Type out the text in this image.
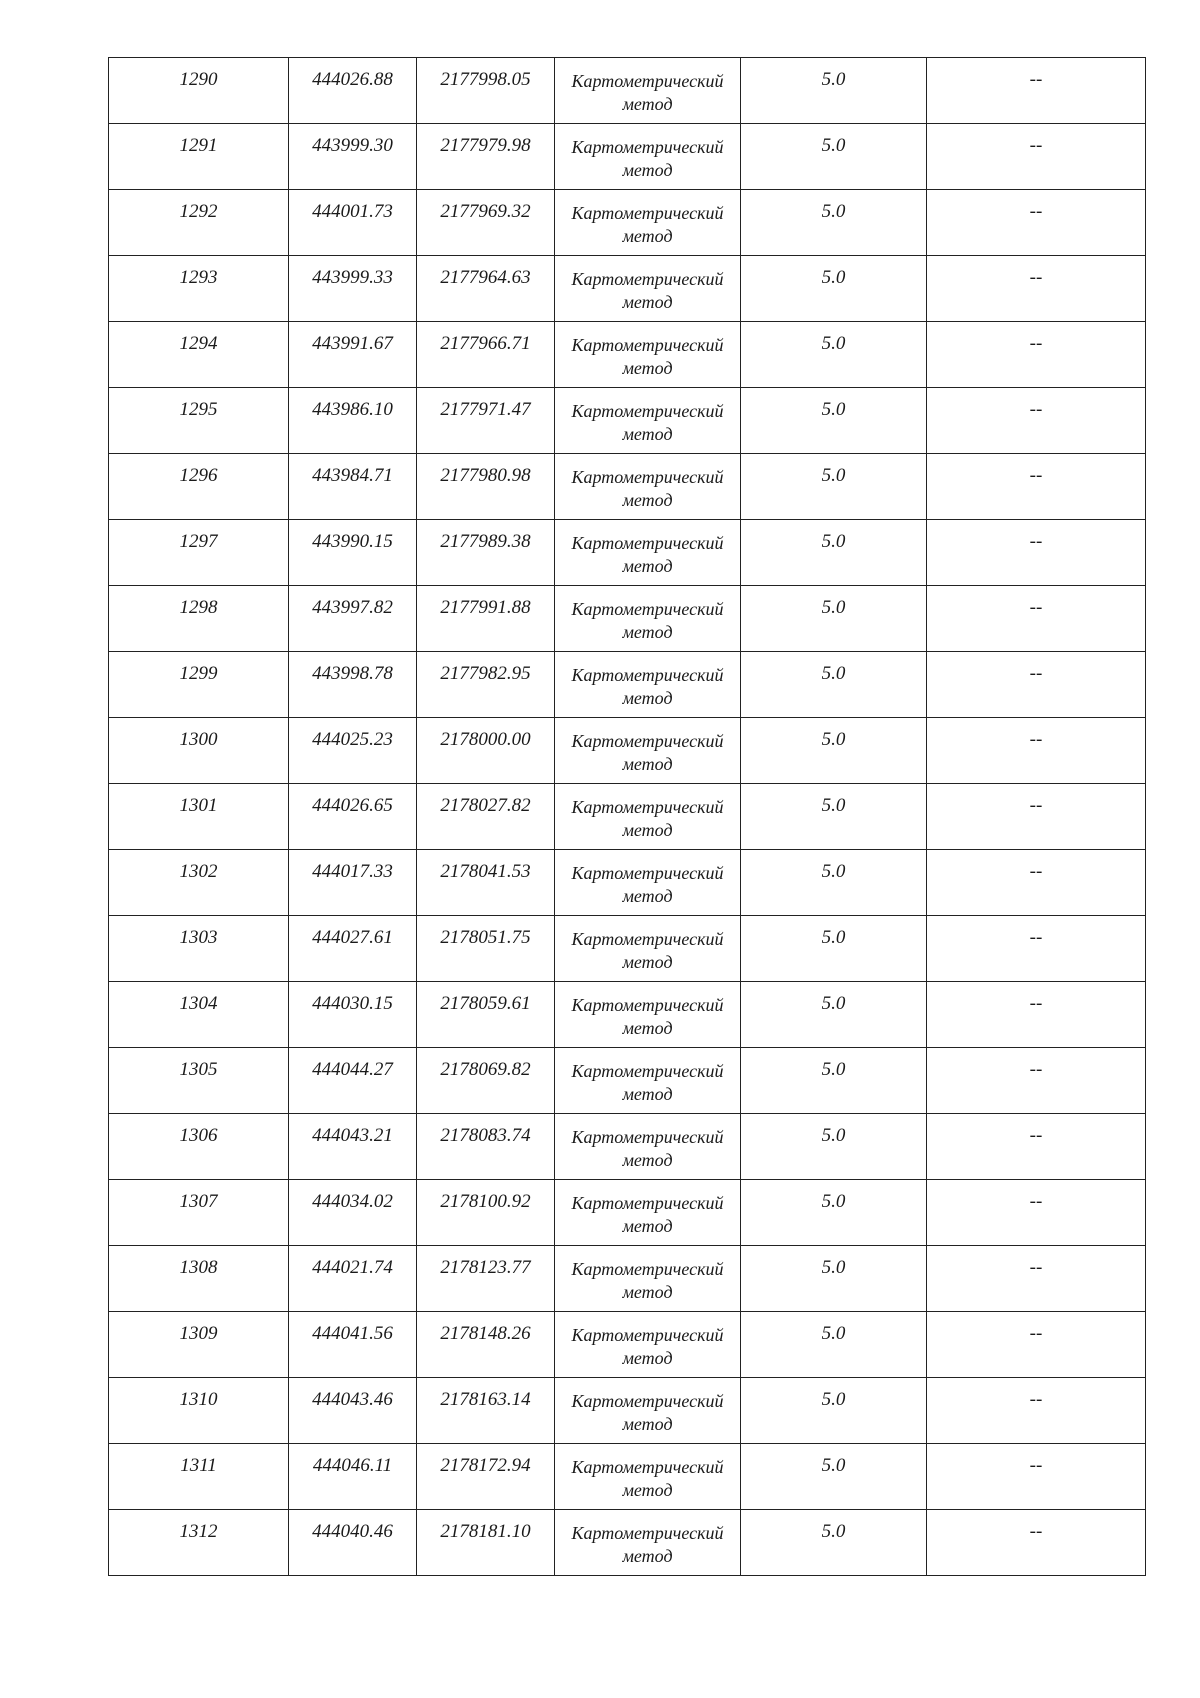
1290	444026.88	2177998.05	Картометрический метод	5.0	--

1291	443999.30	2177979.98	Картометрический метод	5.0	--

1292	444001.73	2177969.32	Картометрический метод	5.0	--

1293	443999.33	2177964.63	Картометрический метод	5.0	--

1294	443991.67	2177966.71	Картометрический метод	5.0	--

1295	443986.10	2177971.47	Картометрический метод	5.0	--

1296	443984.71	2177980.98	Картометрический метод	5.0	--

1297	443990.15	2177989.38	Картометрический метод	5.0	--

1298	443997.82	2177991.88	Картометрический метод	5.0	--

1299	443998.78	2177982.95	Картометрический метод	5.0	--

1300	444025.23	2178000.00	Картометрический метод	5.0	--

1301	444026.65	2178027.82	Картометрический метод	5.0	--

1302	444017.33	2178041.53	Картометрический метод	5.0	--

1303	444027.61	2178051.75	Картометрический метод	5.0	--

1304	444030.15	2178059.61	Картометрический метод	5.0	--

1305	444044.27	2178069.82	Картометрический метод	5.0	--

1306	444043.21	2178083.74	Картометрический метод	5.0	--

1307	444034.02	2178100.92	Картометрический метод	5.0	--

1308	444021.74	2178123.77	Картометрический метод	5.0	--

1309	444041.56	2178148.26	Картометрический метод	5.0	--

1310	444043.46	2178163.14	Картометрический метод	5.0	--

1311	444046.11	2178172.94	Картометрический метод	5.0	--

1312	444040.46	2178181.10	Картометрический метод	5.0	--
